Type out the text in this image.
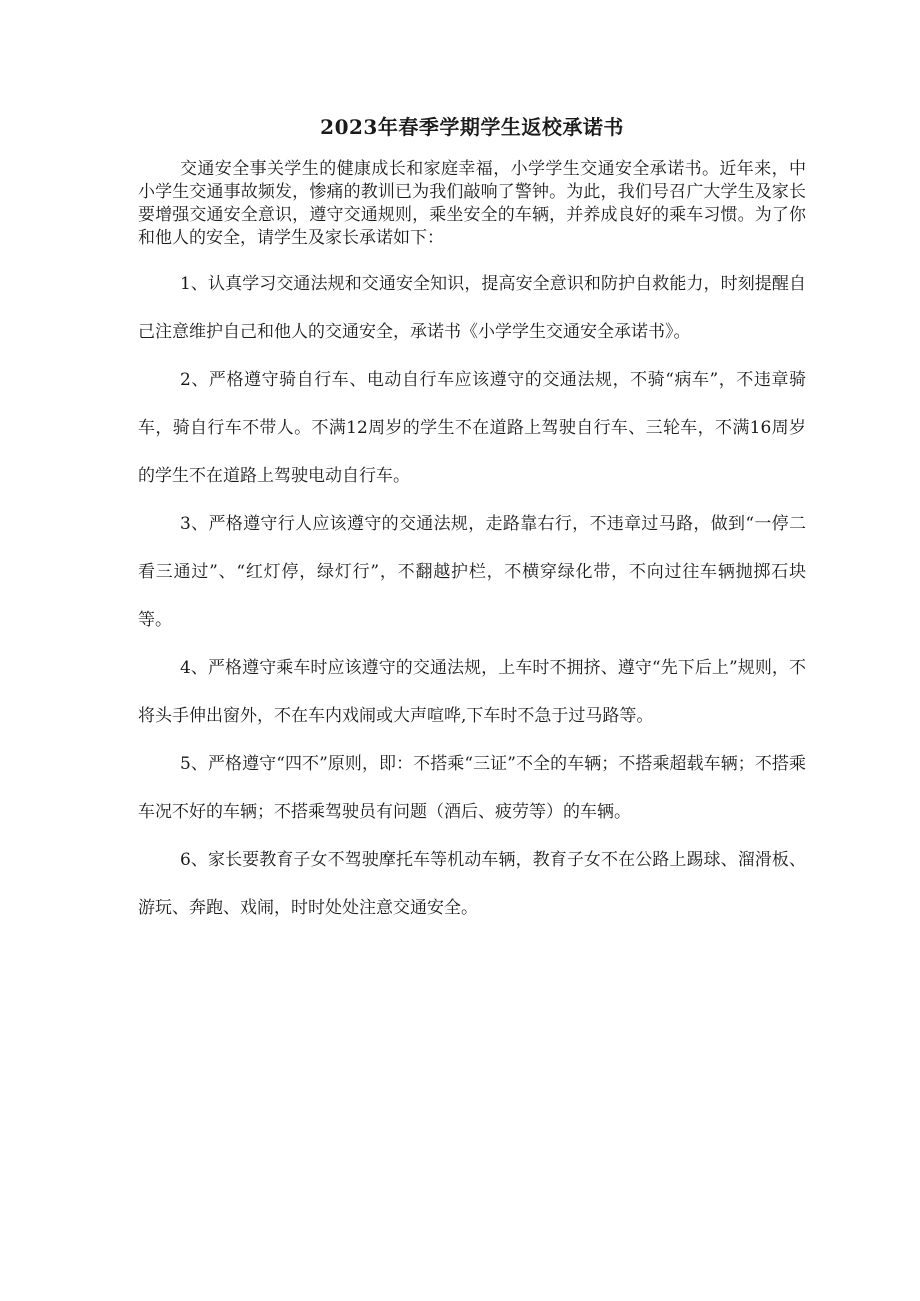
2023年春季学期学生返校承诺书

交通安全事关学生的健康成长和家庭幸福，小学学生交通安全承诺书。近年来，中小学生交通事故频发，惨痛的教训已为我们敲响了警钟。为此，我们号召广大学生及家长要增强交通安全意识，遵守交通规则，乘坐安全的车辆，并养成良好的乘车习惯。为了你和他人的安全，请学生及家长承诺如下：

1、认真学习交通法规和交通安全知识，提高安全意识和防护自救能力，时刻提醒自己注意维护自己和他人的交通安全，承诺书《小学学生交通安全承诺书》。

2、严格遵守骑自行车、电动自行车应该遵守的交通法规，不骑“病车”，不违章骑车，骑自行车不带人。不满12周岁的学生不在道路上驾驶自行车、三轮车，不满16周岁的学生不在道路上驾驶电动自行车。

3、严格遵守行人应该遵守的交通法规，走路靠右行，不违章过马路，做到“一停二看三通过”、“红灯停，绿灯行”，不翻越护栏，不横穿绿化带，不向过往车辆抛掷石块等。

4、严格遵守乘车时应该遵守的交通法规，上车时不拥挤、遵守“先下后上”规则，不将头手伸出窗外，不在车内戏闹或大声喧哗,下车时不急于过马路等。

5、严格遵守“四不”原则，即：不搭乘“三证”不全的车辆；不搭乘超载车辆；不搭乘车况不好的车辆；不搭乘驾驶员有问题（酒后、疲劳等）的车辆。

6、家长要教育子女不驾驶摩托车等机动车辆，教育子女不在公路上踢球、溜滑板、游玩、奔跑、戏闹，时时处处注意交通安全。
